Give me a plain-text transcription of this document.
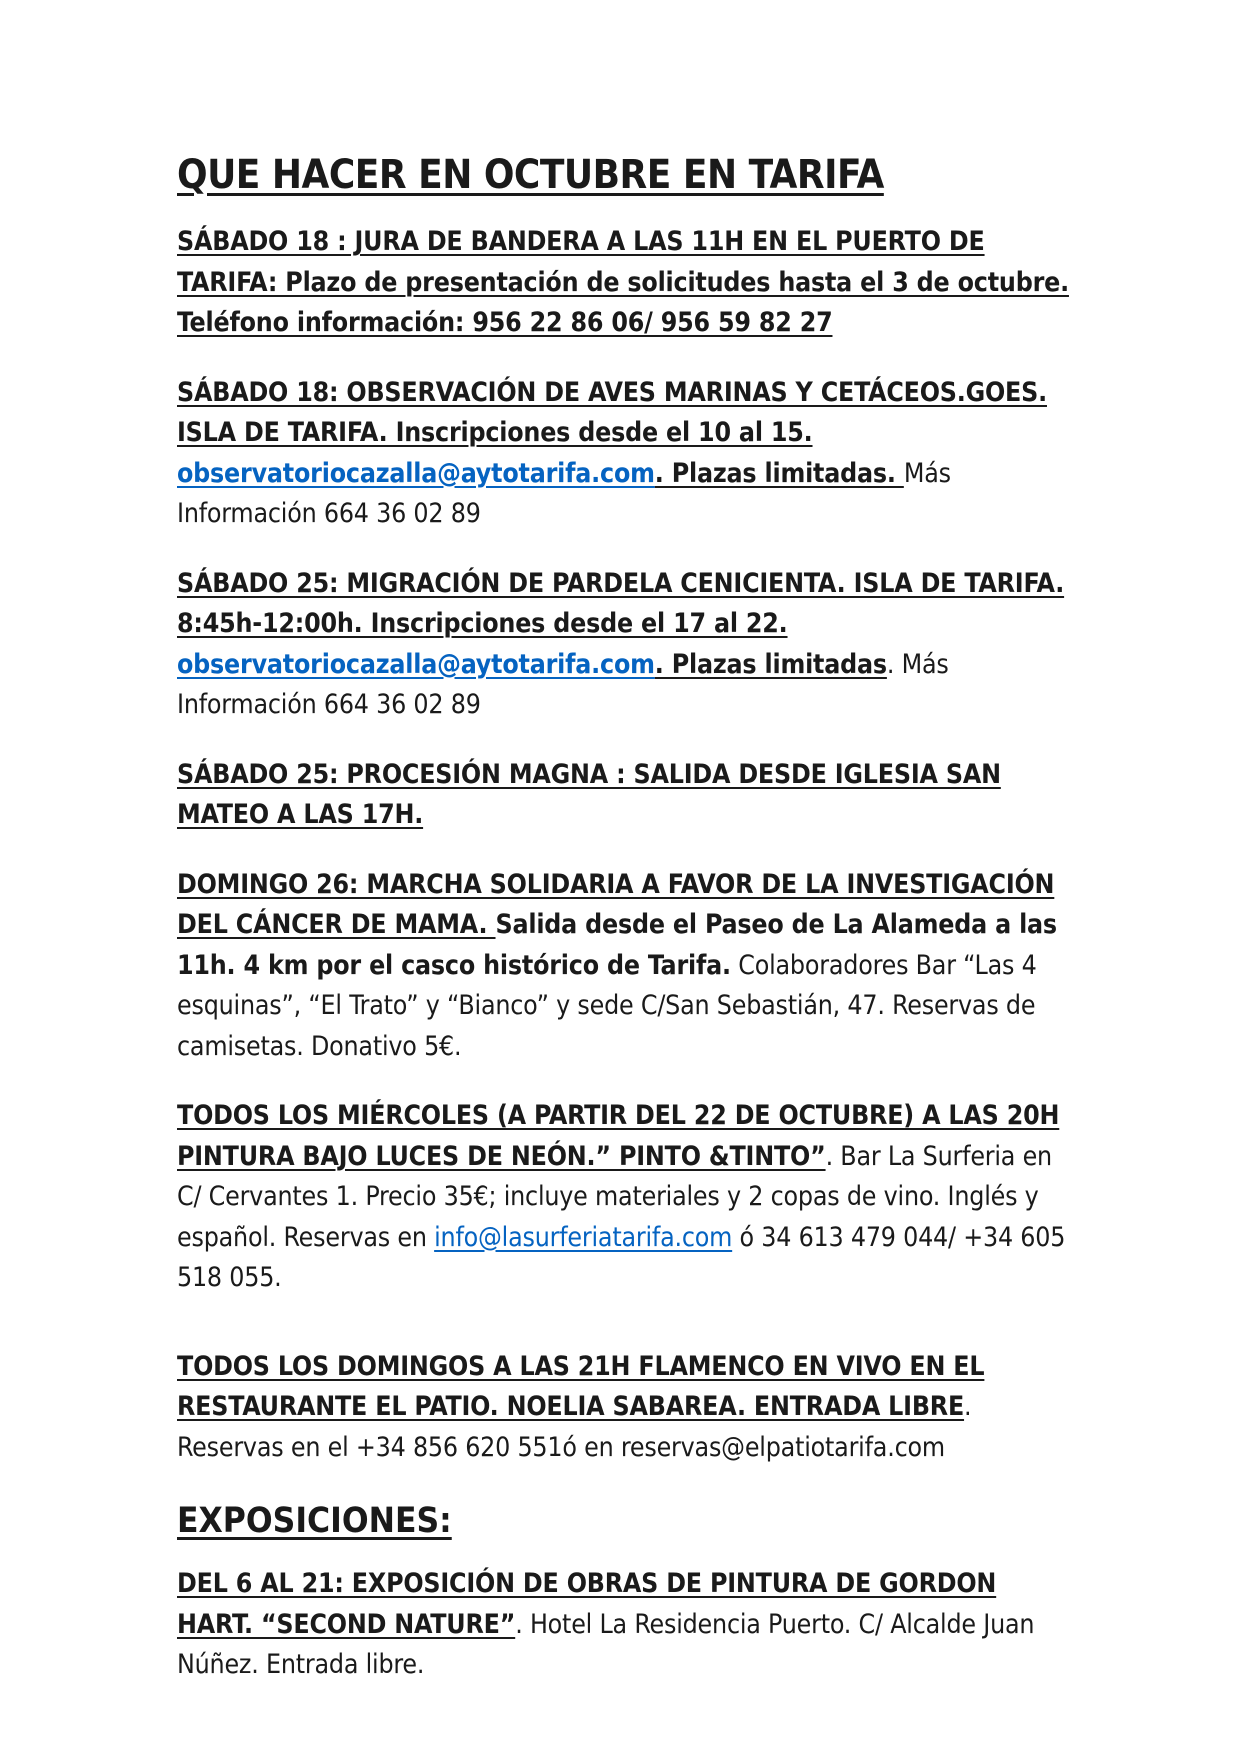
QUE HACER EN OCTUBRE EN TARIFA

SÁBADO 18 : JURA DE BANDERA A LAS 11H EN EL PUERTO DE TARIFA: Plazo de presentación de solicitudes hasta el 3 de octubre. Teléfono información: 956 22 86 06/ 956 59 82 27

SÁBADO 18: OBSERVACIÓN DE AVES MARINAS Y CETÁCEOS.GOES. ISLA DE TARIFA. Inscripciones desde el 10 al 15. observatoriocazalla@aytotarifa.com. Plazas limitadas. Más Información 664 36 02 89

SÁBADO 25: MIGRACIÓN DE PARDELA CENICIENTA. ISLA DE TARIFA. 8:45h-12:00h. Inscripciones desde el 17 al 22. observatoriocazalla@aytotarifa.com. Plazas limitadas. Más Información 664 36 02 89

SÁBADO 25: PROCESIÓN MAGNA : SALIDA DESDE IGLESIA SAN MATEO A LAS 17H.

DOMINGO 26: MARCHA SOLIDARIA A FAVOR DE LA INVESTIGACIÓN DEL CÁNCER DE MAMA. Salida desde el Paseo de La Alameda a las 11h. 4 km por el casco histórico de Tarifa. Colaboradores Bar “Las 4 esquinas”, “El Trato” y “Bianco” y sede C/San Sebastián, 47. Reservas de camisetas. Donativo 5€.

TODOS LOS MIÉRCOLES (A PARTIR DEL 22 DE OCTUBRE) A LAS 20H PINTURA BAJO LUCES DE NEÓN.” PINTO &TINTO”. Bar La Surferia en C/ Cervantes 1. Precio 35€; incluye materiales y 2 copas de vino. Inglés y español. Reservas en info@lasurferiatarifa.com ó 34 613 479 044/ +34 605 518 055.

TODOS LOS DOMINGOS A LAS 21H FLAMENCO EN VIVO EN EL RESTAURANTE EL PATIO. NOELIA SABAREA. ENTRADA LIBRE. Reservas en el +34 856 620 551ó en reservas@elpatiotarifa.com

EXPOSICIONES:

DEL 6 AL 21: EXPOSICIÓN DE OBRAS DE PINTURA DE GORDON HART. “SECOND NATURE”. Hotel La Residencia Puerto. C/ Alcalde Juan Núñez. Entrada libre.
